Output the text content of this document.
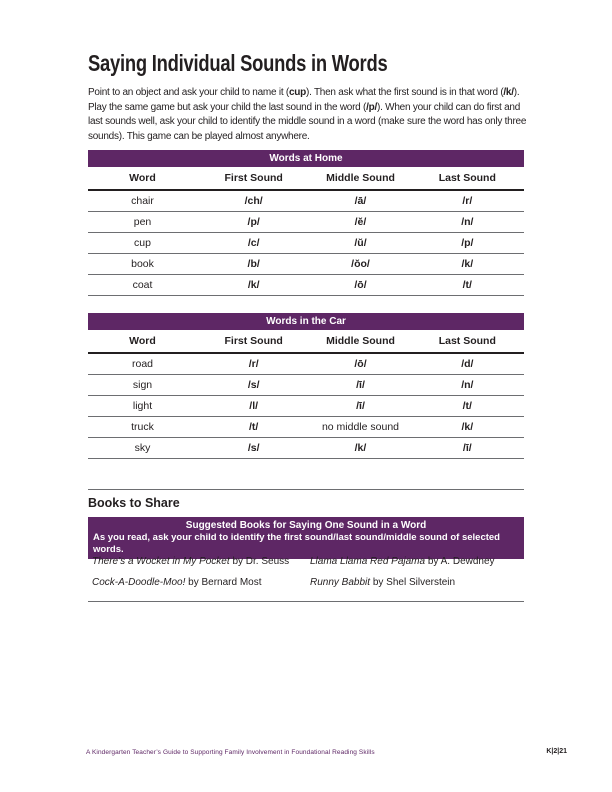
Saying Individual Sounds in Words

Point to an object and ask your child to name it (cup). Then ask what the first sound is in that word (/k/). Play the same game but ask your child the last sound in the word (/p/). When your child can do first and last sounds well, ask your child to identify the middle sound in a word (make sure the word has only three sounds). This game can be played almost anywhere.

Words at Home			
Word	First Sound	Middle Sound	Last Sound
chair	/ch/	/ā/	/r/
pen	/p/	/ĕ/	/n/
cup	/c/	/ŭ/	/p/
book	/b/	/ŏo/	/k/
coat	/k/	/ō/	/t/
Words in the Car			
Word	First Sound	Middle Sound	Last Sound
road	/r/	/ō/	/d/
sign	/s/	/ī/	/n/
light	/l/	/ī/	/t/
truck	/t/	no middle sound	/k/
sky	/s/	/k/	/ī/
Books to Share
Suggested Books for Saying One Sound in a Word
As you read, ask your child to identify the first sound/last sound/middle sound of selected words.
There’s a Wocket in My Pocket by Dr. Seuss	Llama Llama Red Pajama by A. Dewdney
Cock-A-Doodle-Moo! by Bernard Most	Runny Babbit by Shel Silverstein
A Kindergarten Teacher’s Guide to Supporting Family Involvement in Foundational Reading Skills	K|2|21
